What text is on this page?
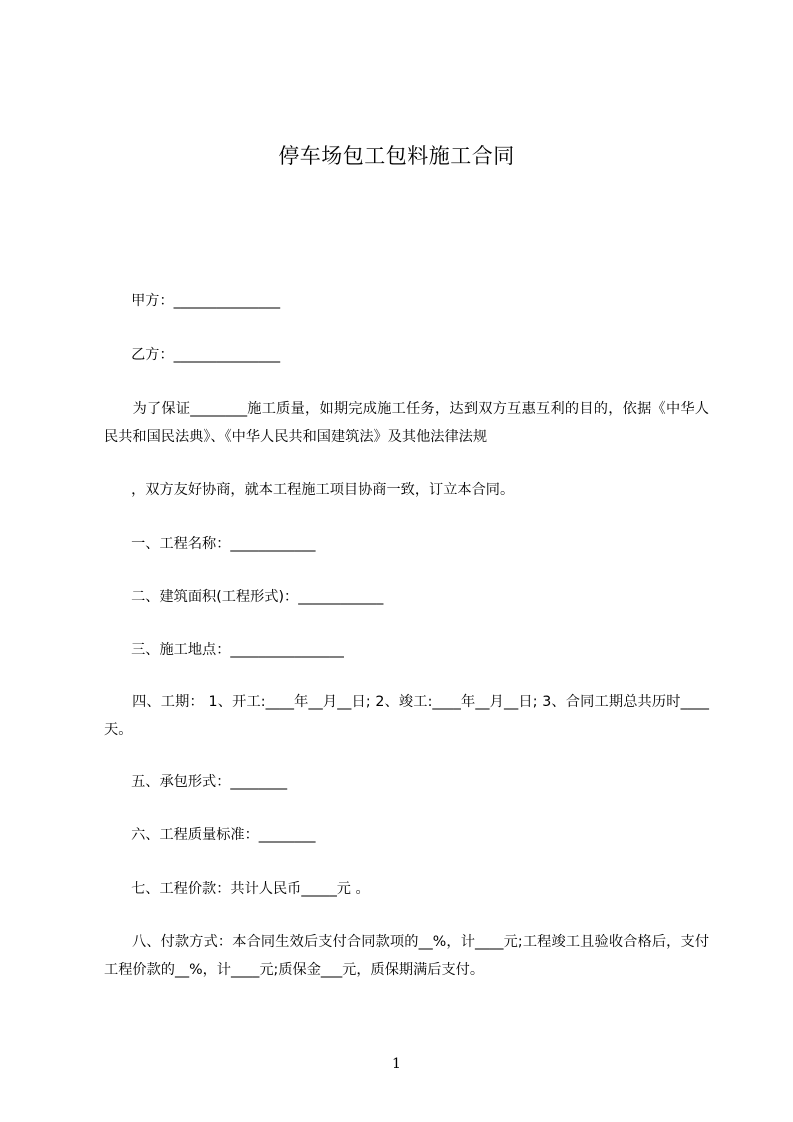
停车场包工包料施工合同
甲方：_______________
乙方：_______________
为了保证________施工质量，如期完成施工任务，达到双方互惠互利的目的，依据《中华人民共和国民法典》、《中华人民共和国建筑法》及其他法律法规
，双方友好协商，就本工程施工项目协商一致，订立本合同。
一、工程名称：____________
二、建筑面积(工程形式)：____________
三、施工地点：________________
四、工期： 1、开工:____年__月__日; 2、竣工:____年__月__日; 3、合同工期总共历时____天。
五、承包形式：________
六、工程质量标准：________
七、工程价款：共计人民币_____元 。
八、付款方式：本合同生效后支付合同款项的__%，计____元;工程竣工且验收合格后，支付工程价款的__%，计____元;质保金___元，质保期满后支付。
1
